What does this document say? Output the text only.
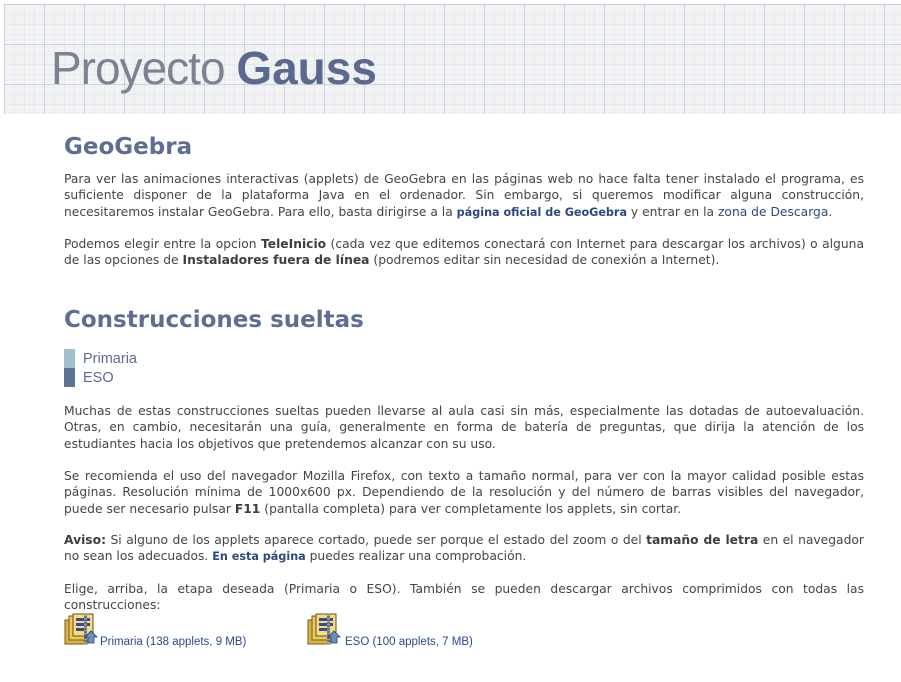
Proyecto Gauss
GeoGebra

Para ver las animaciones interactivas (applets) de GeoGebra en las páginas web no hace falta tener instalado el programa, es suficiente disponer de la plataforma Java en el ordenador. Sin embargo, si queremos modificar alguna construcción, necesitaremos instalar GeoGebra. Para ello, basta dirigirse a la página oficial de GeoGebra y entrar en la zona de Descarga.

Podemos elegir entre la opcion TeleInicio (cada vez que editemos conectará con Internet para descargar los archivos) o alguna de las opciones de Instaladores fuera de línea (podremos editar sin necesidad de conexión a Internet).

Construcciones sueltas
Primaria
ESO

Muchas de estas construcciones sueltas pueden llevarse al aula casi sin más, especialmente las dotadas de autoevaluación. Otras, en cambio, necesitarán una guía, generalmente en forma de batería de preguntas, que dirija la atención de los estudiantes hacia los objetivos que pretendemos alcanzar con su uso.

Se recomienda el uso del navegador Mozilla Firefox, con texto a tamaño normal, para ver con la mayor calidad posible estas páginas. Resolución mínima de 1000x600 px. Dependiendo de la resolución y del número de barras visibles del navegador, puede ser necesario pulsar F11 (pantalla completa) para ver completamente los applets, sin cortar.

Aviso: Si alguno de los applets aparece cortado, puede ser porque el estado del zoom o del tamaño de letra en el navegador no sean los adecuados. En esta página puedes realizar una comprobación.

Elige, arriba, la etapa deseada (Primaria o ESO). También se pueden descargar archivos comprimidos con todas las construcciones:

Primaria (138 applets, 9 MB)	ESO (100 applets, 7 MB)
